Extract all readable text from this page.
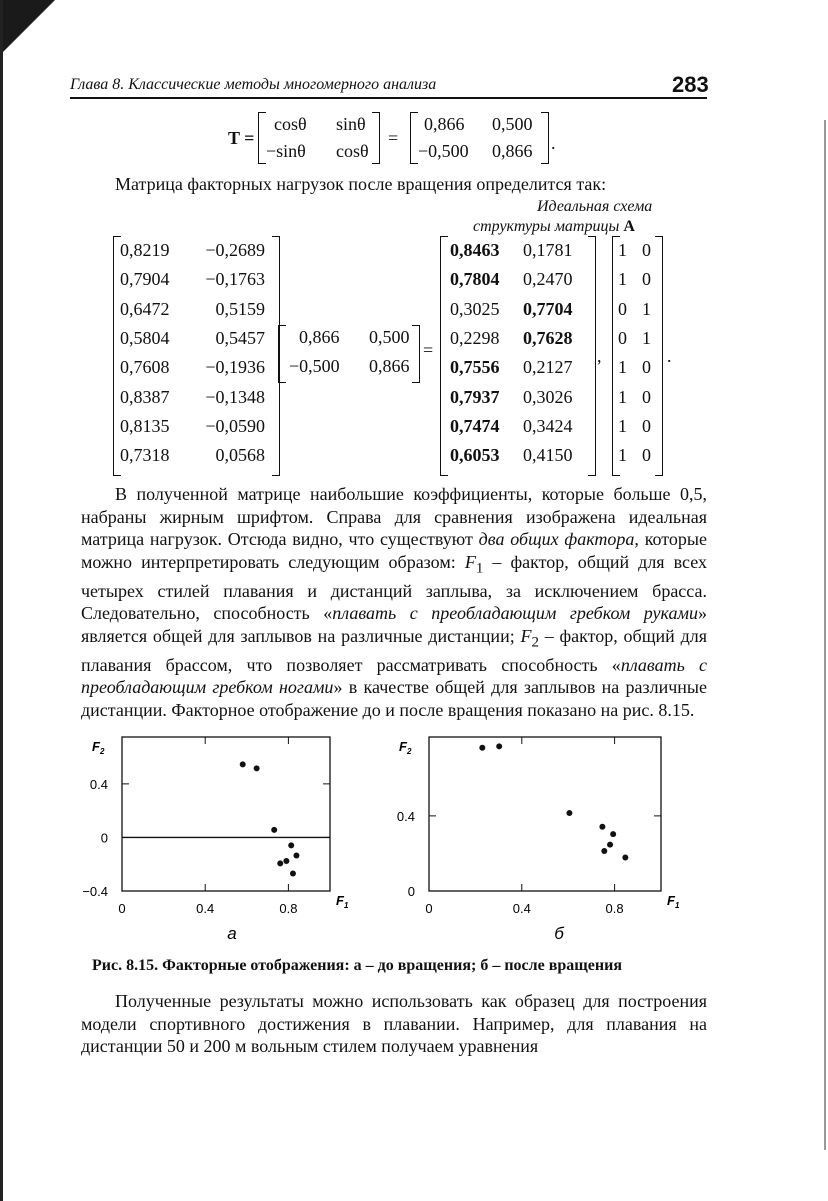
Глава 8. Классические методы многомерного анализа	283
T =
cosθ sinθ
−sinθ cosθ
=
0,866 0,500
−0,500 0,866 .
Матрица факторных нагрузок после вращения определится так:
Идеальная схема
структуры матрицы A
0,866 0,500
−0,500 0,866
=	,	.
0,8219 −0,2689
0,7904 −0,1763
0,6472	0,5159
0,5804	0,5457
0,7608 −0,1936
0,8387 −0,1348
0,8135 −0,0590
0,7318	0,0568
0,8463 0,1781
0,7804 0,2470
0,3025 0,7704
0,2298 0,7628
0,7556 0,2127
0,7937 0,3026
0,7474 0,3424
0,6053 0,4150
1 0
1 0
0 1
0 1
1 0
1 0
1 0
1 0
В полученной матрице наибольшие коэффициенты, которые больше 0,5, набраны жирным шрифтом. Справа для сравнения изображена идеальная матрица нагрузок. Отсюда видно, что существуют два общих фактора, которые можно интерпретировать следующим образом: $F_1$ – фактор, общий для всех четырех стилей плавания и дистанций заплыва, за исключением брасса. Следовательно, способность «плавать с преобладающим гребком руками» является общей для заплывов на различные дистанции; $F_2$ – фактор, общий для плавания брассом, что позволяет рассматривать способность «плавать с преобладающим гребком ногами» в качестве общей для заплывов на различные дистанции. Факторное отображение до и после вращения показано на рис. 8.15.
0	0.4	0.8
0.4
0
−0.4
$F_1$
$F_2$
а
0	0.4	0.8
0.4
0
$F_1$
$F_2$
б
Рис. 8.15. Факторные отображения: а – до вращения; б – после вращения
Полученные результаты можно использовать как образец для построения модели спортивного достижения в плавании. Например, для плавания на дистанции 50 и 200 м вольным стилем получаем уравнения
